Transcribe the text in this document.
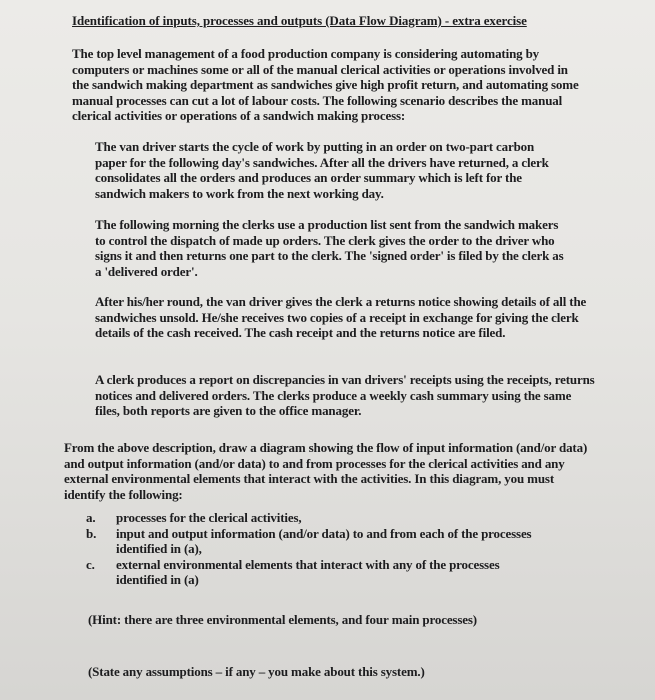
Identification of inputs, processes and outputs (Data Flow Diagram) - extra exercise

The top level management of a food production company is considering automating by computers or machines some or all of the manual clerical activities or operations involved in the sandwich making department as sandwiches give high profit return, and automating some manual processes can cut a lot of labour costs. The following scenario describes the manual clerical activities or operations of a sandwich making process:

The van driver starts the cycle of work by putting in an order on two-part carbon paper for the following day's sandwiches. After all the drivers have returned, a clerk consolidates all the orders and produces an order summary which is left for the sandwich makers to work from the next working day.

The following morning the clerks use a production list sent from the sandwich makers to control the dispatch of made up orders. The clerk gives the order to the driver who signs it and then returns one part to the clerk. The 'signed order' is filed by the clerk as a 'delivered order'.

After his/her round, the van driver gives the clerk a returns notice showing details of all the sandwiches unsold. He/she receives two copies of a receipt in exchange for giving the clerk details of the cash received. The cash receipt and the returns notice are filed.

A clerk produces a report on discrepancies in van drivers' receipts using the receipts, returns notices and delivered orders. The clerks produce a weekly cash summary using the same files, both reports are given to the office manager.

From the above description, draw a diagram showing the flow of input information (and/or data) and output information (and/or data) to and from processes for the clerical activities and any external environmental elements that interact with the activities. In this diagram, you must identify the following:

a.	processes for the clerical activities,
b.	input and output information (and/or data) to and from each of the processes identified in (a),
c.	external environmental elements that interact with any of the processes identified in (a)
(Hint: there are three environmental elements, and four main processes)
(State any assumptions – if any – you make about this system.)
